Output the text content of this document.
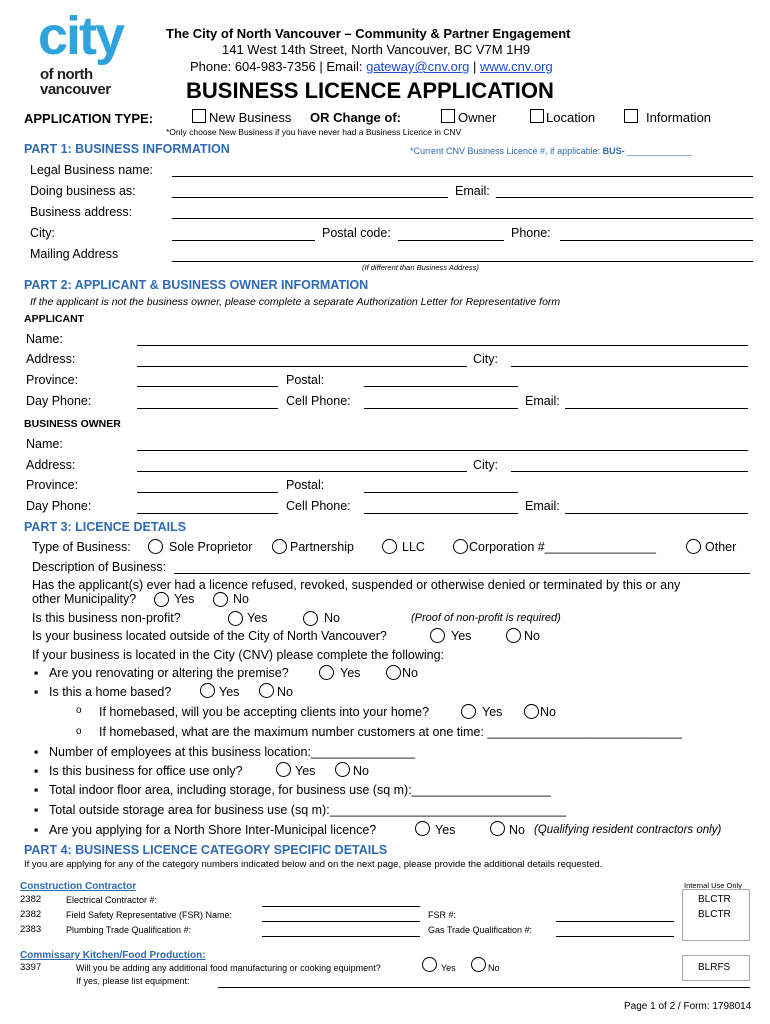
city
of north
vancouver
The City of North Vancouver – Community & Partner Engagement
141 West 14th Street, North Vancouver, BC V7M 1H9
Phone: 604-983-7356 | Email: gateway@cnv.org | www.cnv.org
BUSINESS LICENCE APPLICATION
APPLICATION TYPE:	New Business OR Change of:	Owner	Location	Information
*Only choose New Business if you have never had a Business Licence in CNV
PART 1: BUSINESS INFORMATION	*Current CNV Business Licence #, if applicable: BUS- _____________
Legal Business name:
Doing business as:	Email:
Business address:
City:	Postal code:	Phone:
Mailing Address
(If different than Business Address)
PART 2: APPLICANT & BUSINESS OWNER INFORMATION
If the applicant is not the business owner, please complete a separate Authorization Letter for Representative form
APPLICANT
Name:
Address:	City:
Province:	Postal:
Day Phone:	Cell Phone:	Email:
BUSINESS OWNER
Name:
Address:	City:
Province:	Postal:
Day Phone:	Cell Phone:	Email:
PART 3: LICENCE DETAILS
Type of Business:	Sole Proprietor	Partnership	LLC	Corporation #________________	Other
Description of Business:
Has the applicant(s) ever had a licence refused, revoked, suspended or otherwise denied or terminated by this or any
other Municipality?	Yes	No
Is this business non-profit?	Yes	No	(Proof of non-profit is required)
Is your business located outside of the City of North Vancouver?	Yes	No
If your business is located in the City (CNV) please complete the following:
▪ Are you renovating or altering the premise?	Yes	No
▪ Is this a home based?	Yes	No
o If homebased, will you be accepting clients into your home?	Yes	No
o If homebased, what are the maximum number customers at one time: ____________________________
▪ Number of employees at this business location:_______________
▪ Is this business for office use only?	Yes	No
▪ Total indoor floor area, including storage, for business use (sq m):____________________
▪ Total outside storage area for business use (sq m):__________________________________
▪ Are you applying for a North Shore Inter-Municipal licence?	Yes	No (Qualifying resident contractors only)
PART 4: BUSINESS LICENCE CATEGORY SPECIFIC DETAILS
If you are applying for any of the category numbers indicated below and on the next page, please provide the additional details requested.
Internal Use Only
Construction Contractor
2382	Electrical Contractor #:	BLCTR
2382	Field Safety Representative (FSR) Name:	FSR #:	BLCTR
2383	Plumbing Trade Qualification #:	Gas Trade Qualification #:
Commissary Kitchen/Food Production:
3397	Will you be adding any additional food manufacturing or cooking equipment?	Yes	No	BLRFS
If yes, please list equipment:
Page 1 of 2 / Form: 1798014
